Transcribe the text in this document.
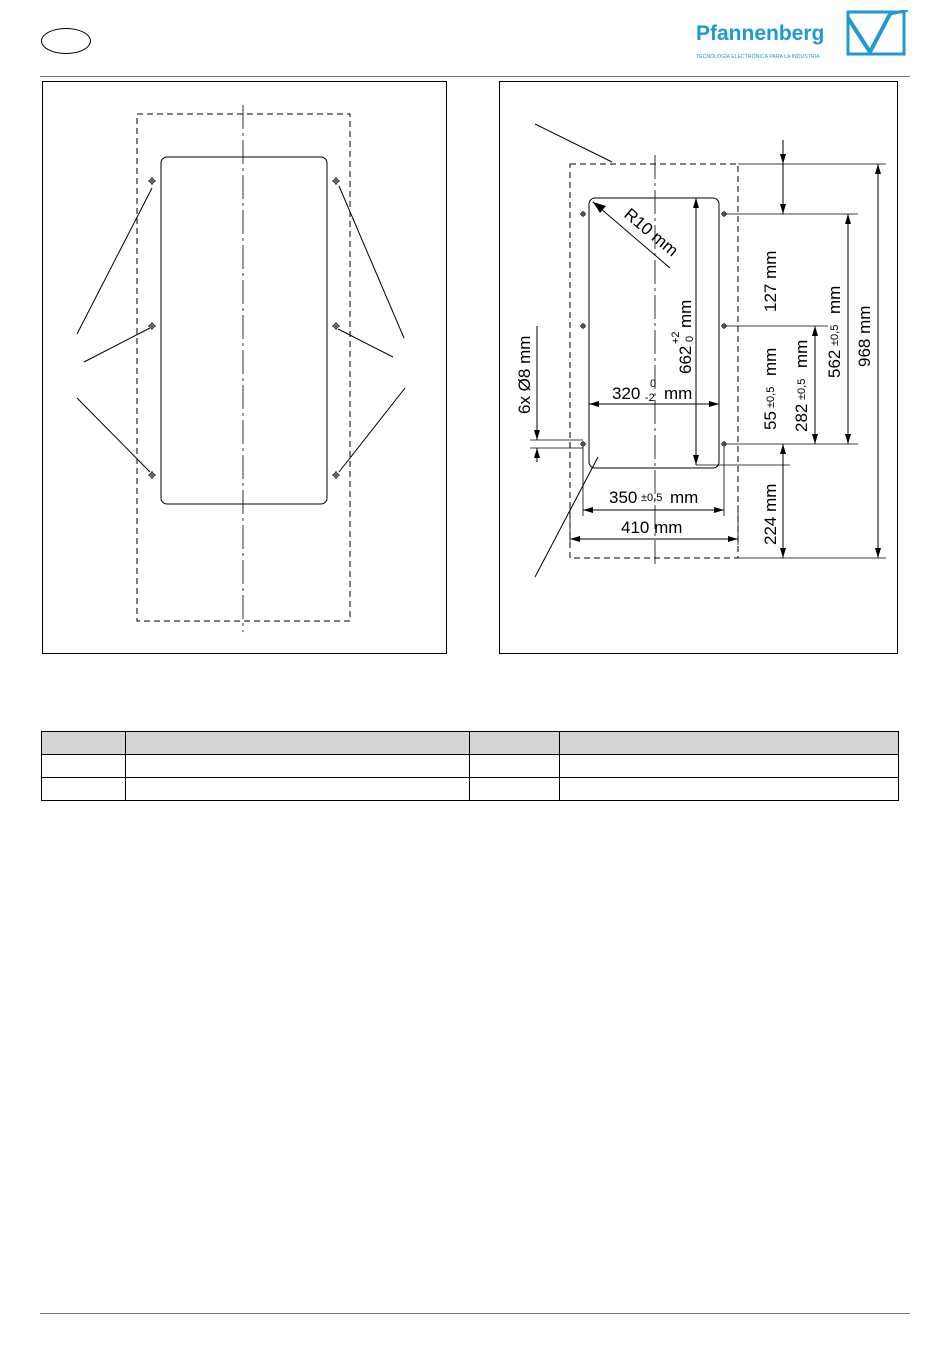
Pfannenberg
TECNOLOGÍA ELECTRÓNICA PARA LA INDUSTRIA
R10 mm
320 0
-2 mm
662
+2 0
mm
350 ±0,5 mm
410 mm
127 mm
224 mm
55
±0,5
mm
282
±0,5
mm 562
±0,5
mm
968 mm
6x Ø8 mm
